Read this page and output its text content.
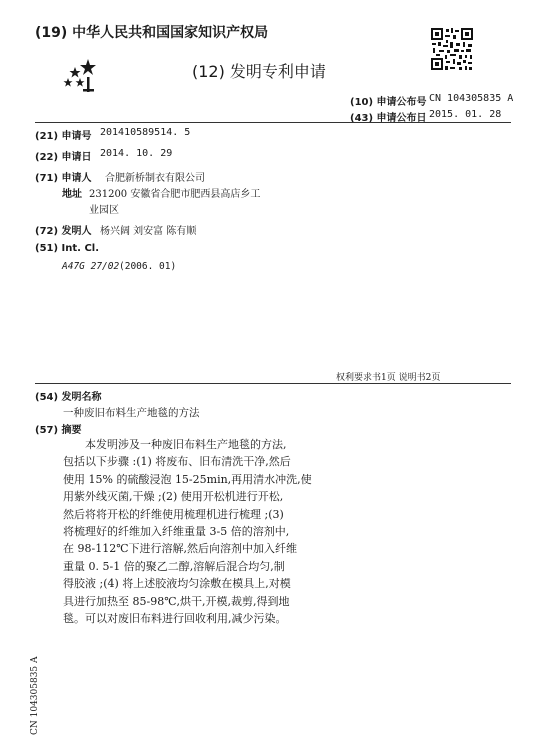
(19) 中华人民共和国国家知识产权局
(12) 发明专利申请
(10) 申请公布号 CN 104305835 A
(43) 申请公布日 2015. 01. 28
(21) 申请号 201410589514. 5
(22) 申请日 2014. 10. 29
(71) 申请人 合肥新桥制衣有限公司
地址 231200 安徽省合肥市肥西县高店乡工
业园区
(72) 发明人 杨兴阔 刘安富 陈有顺
(51) Int. Cl.
A47G 27/02 (2006. 01)
权利要求书1页 说明书2页
(54) 发明名称
一种废旧布料生产地毯的方法
(57) 摘要
本发明涉及一种废旧布料生产地毯的方法,
包括以下步骤 :(1) 将废布、旧布清洗干净,然后
使用 15% 的硫酸浸泡 15-25min,再用清水冲洗,使
用紫外线灭菌,干燥 ;(2) 使用开松机进行开松,
然后将将开松的纤维使用梳理机进行梳理 ;(3)
将梳理好的纤维加入纤维重量 3-5 倍的溶剂中,
在 98-112℃下进行溶解,然后向溶剂中加入纤维
重量 0. 5-1 倍的聚乙二醇,溶解后混合均匀,制
得胶液 ;(4) 将上述胶液均匀涂敷在模具上,对模
具进行加热至 85-98℃,烘干,开模,裁剪,得到地
毯。可以对废旧布料进行回收利用,减少污染。
CN 104305835 A
